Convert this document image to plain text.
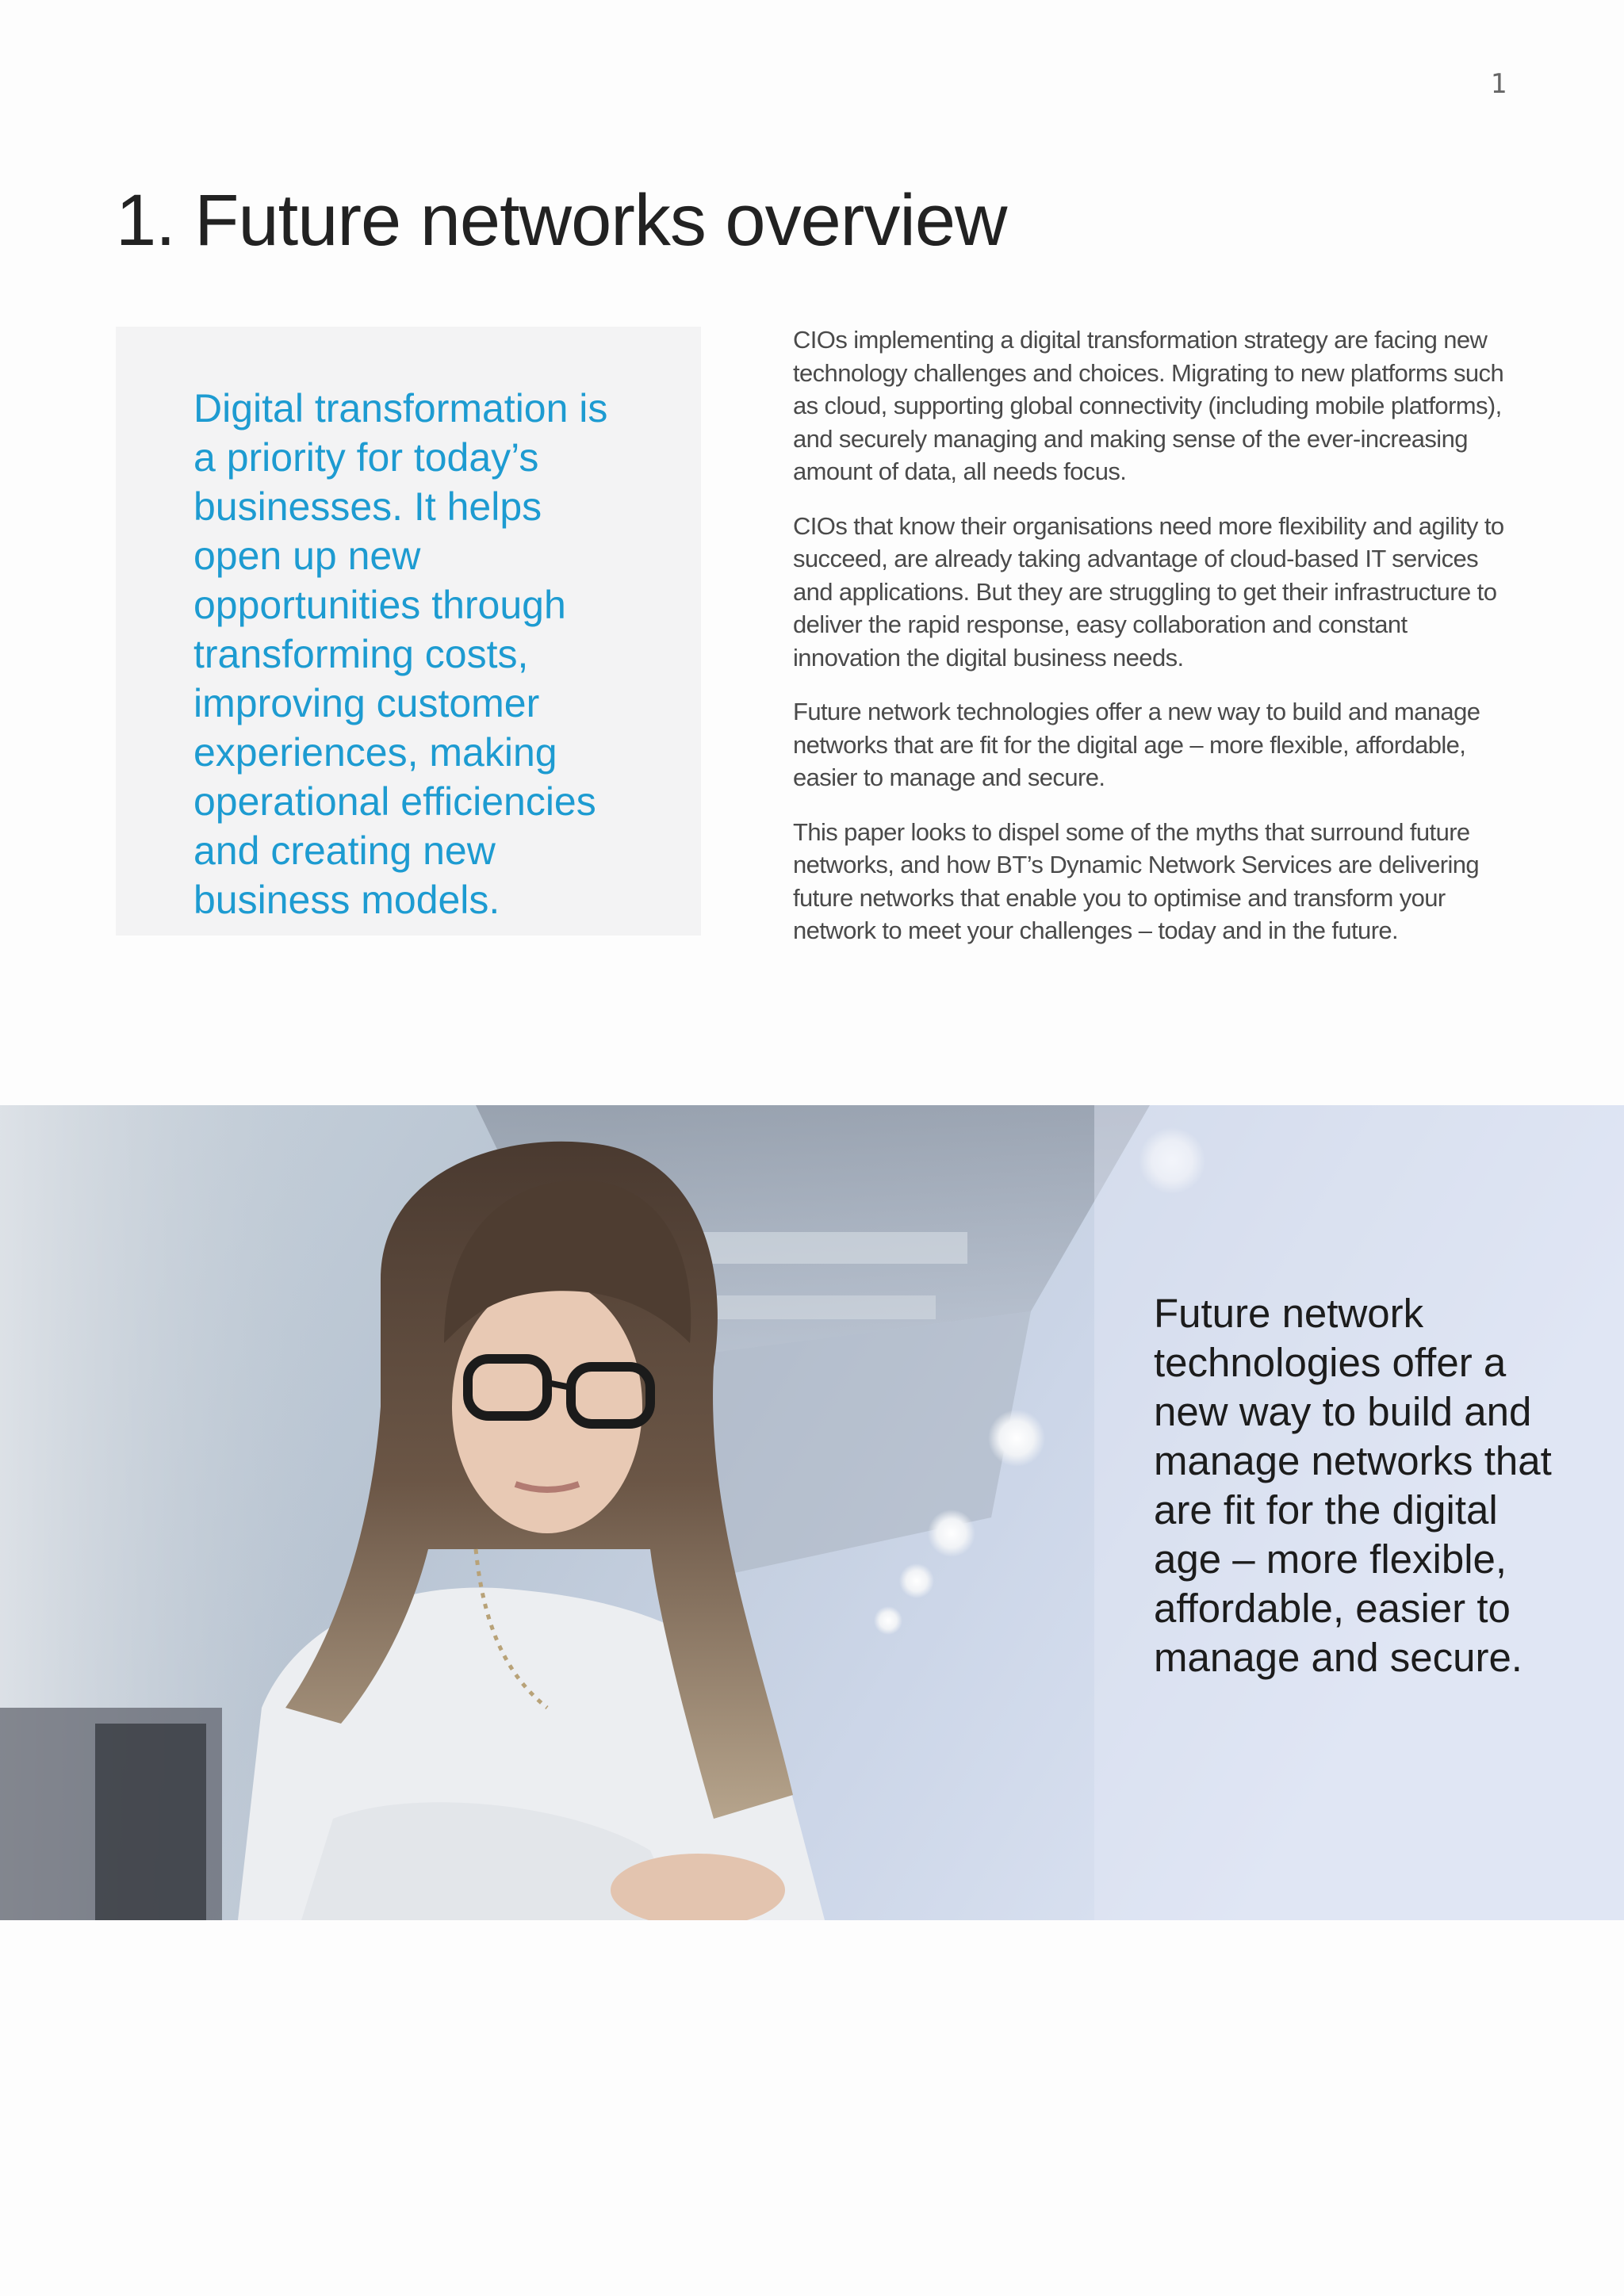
1
1. Future networks overview

Digital transformation is a priority for today’s businesses. It helps open up new opportunities through transforming costs, improving customer experiences, making operational efficiencies and creating new business models.

CIOs implementing a digital transformation strategy are facing new technology challenges and choices. Migrating to new platforms such as cloud, supporting global connectivity (including mobile platforms), and securely managing and making sense of the ever-increasing amount of data, all needs focus.

CIOs that know their organisations need more flexibility and agility to succeed, are already taking advantage of cloud-based IT services and applications. But they are struggling to get their infrastructure to deliver the rapid response, easy collaboration and constant innovation the digital business needs.

Future network technologies offer a new way to build and manage networks that are fit for the digital age – more flexible, affordable, easier to manage and secure.

This paper looks to dispel some of the myths that surround future networks, and how BT’s Dynamic Network Services are delivering future networks that enable you to optimise and transform your network to meet your challenges – today and in the future.

Future network technologies offer a new way to build and manage networks that are fit for the digital age – more flexible, affordable, easier to manage and secure.
